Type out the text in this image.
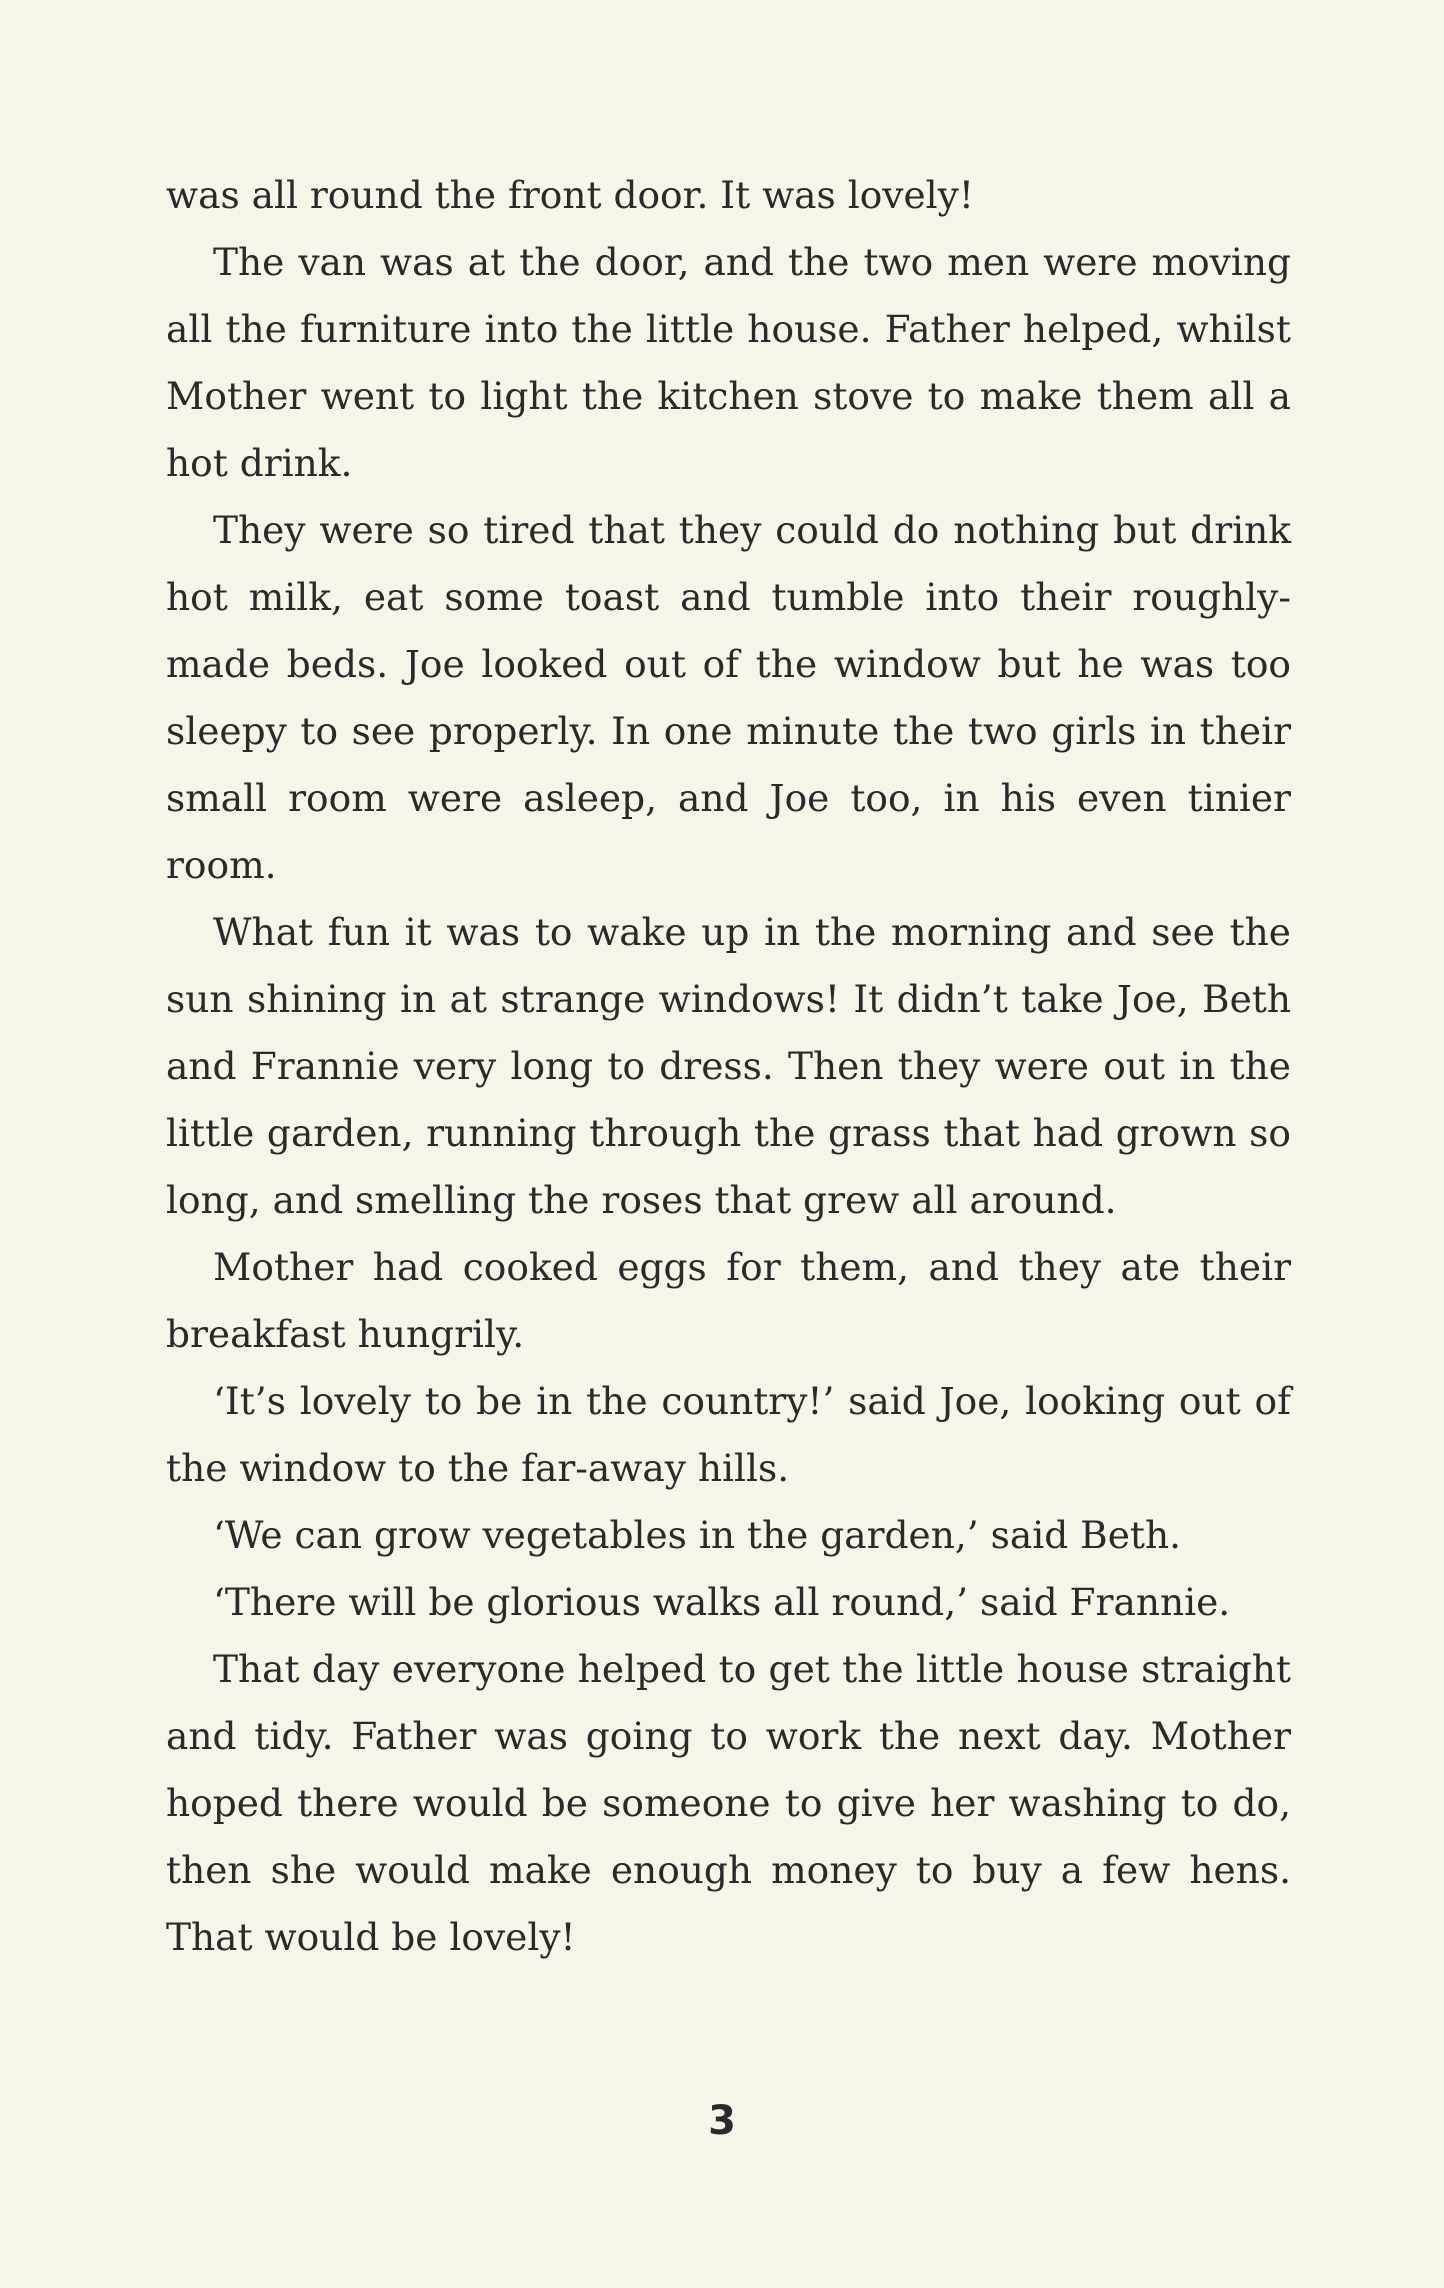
was all round the front door. It was lovely!

The van was at the door, and the two men were moving all the furniture into the little house. Father helped, whilst Mother went to light the kitchen stove to make them all a hot drink.

They were so tired that they could do nothing but drink hot milk, eat some toast and tumble into their roughly-made beds. Joe looked out of the window but he was too sleepy to see properly. In one minute the two girls in their small room were asleep, and Joe too, in his even tinier room.

What fun it was to wake up in the morning and see the sun shining in at strange windows! It didn’t take Joe, Beth and Frannie very long to dress. Then they were out in the little garden, running through the grass that had grown so long, and smelling the roses that grew all around.

Mother had cooked eggs for them, and they ate their breakfast hungrily.

‘It’s lovely to be in the country!’ said Joe, looking out of the window to the far-away hills.

‘We can grow vegetables in the garden,’ said Beth.

‘There will be glorious walks all round,’ said Frannie.

That day everyone helped to get the little house straight and tidy. Father was going to work the next day. Mother hoped there would be someone to give her washing to do, then she would make enough money to buy a few hens. That would be lovely!

3
